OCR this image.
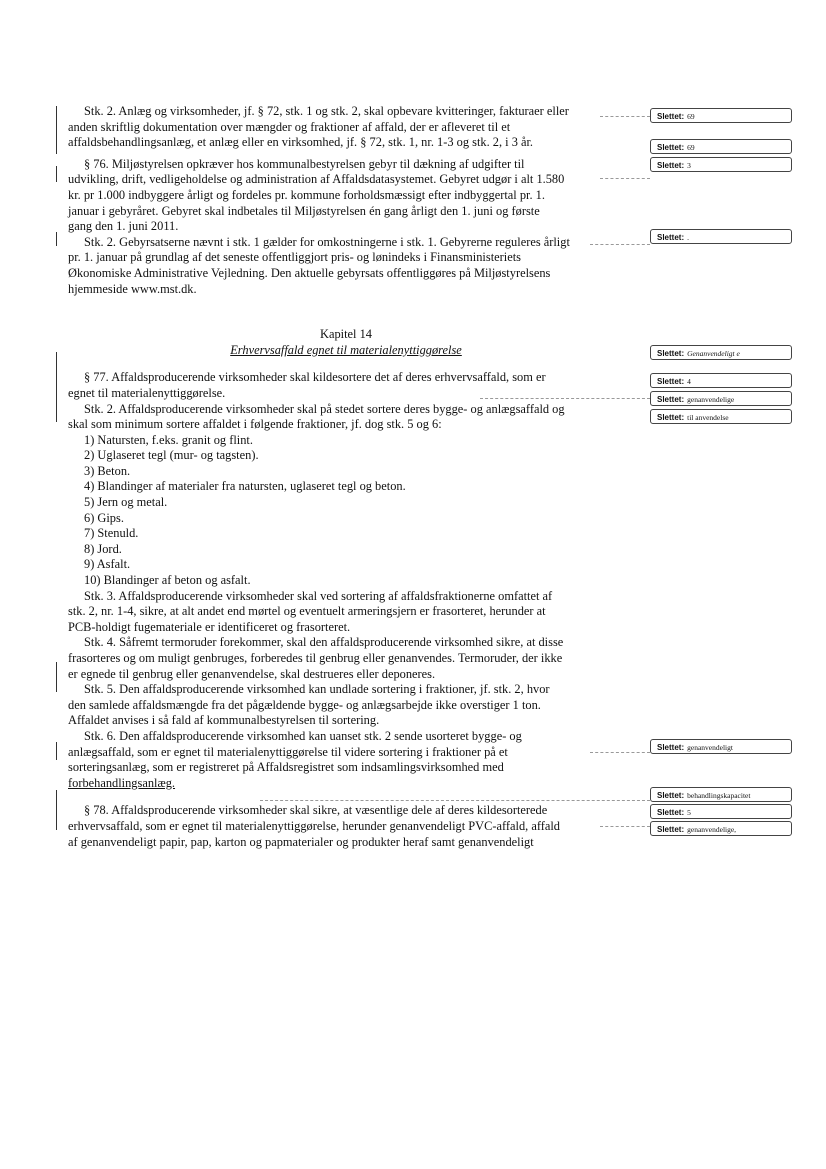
Stk. 2. Anlæg og virksomheder, jf. § 72, stk. 1 og stk. 2, skal opbevare kvitteringer, fakturaer eller
anden skriftlig dokumentation over mængder og fraktioner af affald, der er afleveret til et
affaldsbehandlingsanlæg, et anlæg eller en virksomhed, jf. § 72, stk. 1, nr. 1-3 og stk. 2, i 3 år.
§ 76. Miljøstyrelsen opkræver hos kommunalbestyrelsen gebyr til dækning af udgifter til
udvikling, drift, vedligeholdelse og administration af Affaldsdatasystemet. Gebyret udgør i alt 1.580
kr. pr 1.000 indbyggere årligt og fordeles pr. kommune forholdsmæssigt efter indbyggertal pr. 1.
januar i gebyråret. Gebyret skal indbetales til Miljøstyrelsen én gang årligt den 1. juni og første
gang den 1. juni 2011.
Stk. 2. Gebyrsatserne nævnt i stk. 1 gælder for omkostningerne i stk. 1. Gebyrerne reguleres årligt
pr. 1. januar på grundlag af det seneste offentliggjort pris- og lønindeks i Finansministeriets
Økonomiske Administrative Vejledning. Den aktuelle gebyrsats offentliggøres på Miljøstyrelsens
hjemmeside www.mst.dk.
Kapitel 14
Erhvervsaffald egnet til materialenyttiggørelse
§ 77. Affaldsproducerende virksomheder skal kildesortere det af deres erhvervsaffald, som er
egnet til materialenyttiggørelse.
Stk. 2. Affaldsproducerende virksomheder skal på stedet sortere deres bygge- og anlægsaffald og
skal som minimum sortere affaldet i følgende fraktioner, jf. dog stk. 5 og 6:
1) Natursten, f.eks. granit og flint.
2) Uglaseret tegl (mur- og tagsten).
3) Beton.
4) Blandinger af materialer fra natursten, uglaseret tegl og beton.
5) Jern og metal.
6) Gips.
7) Stenuld.
8) Jord.
9) Asfalt.
10) Blandinger af beton og asfalt.
Stk. 3. Affaldsproducerende virksomheder skal ved sortering af affaldsfraktionerne omfattet af
stk. 2, nr. 1-4, sikre, at alt andet end mørtel og eventuelt armeringsjern er frasorteret, herunder at
PCB-holdigt fugemateriale er identificeret og frasorteret.
Stk. 4. Såfremt termoruder forekommer, skal den affaldsproducerende virksomhed sikre, at disse
frasorteres og om muligt genbruges, forberedes til genbrug eller genanvendes. Termoruder, der ikke
er egnede til genbrug eller genanvendelse, skal destrueres eller deponeres.
Stk. 5. Den affaldsproducerende virksomhed kan undlade sortering i fraktioner, jf. stk. 2, hvor
den samlede affaldsmængde fra det pågældende bygge- og anlægsarbejde ikke overstiger 1 ton.
Affaldet anvises i så fald af kommunalbestyrelsen til sortering.
Stk. 6. Den affaldsproducerende virksomhed kan uanset stk. 2 sende usorteret bygge- og
anlægsaffald, som er egnet til materialenyttiggørelse til videre sortering i fraktioner på et
sorteringsanlæg, som er registreret på Affaldsregistret som indsamlingsvirksomhed med
forbehandlingsanlæg.
§ 78. Affaldsproducerende virksomheder skal sikre, at væsentlige dele af deres kildesorterede
erhvervsaffald, som er egnet til materialenyttiggørelse, herunder genanvendeligt PVC-affald, affald
af genanvendeligt papir, pap, karton og papmaterialer og produkter heraf samt genanvendeligt
Slettet: 69
Slettet: 69
Slettet: 3
Slettet: .
Slettet: Genanvendeligt e
Slettet: 4
Slettet: genanvendelige
Slettet: til anvendelse
Slettet: genanvendeligt
Slettet: behandlingskapacitet
Slettet: 5
Slettet: genanvendelige,
